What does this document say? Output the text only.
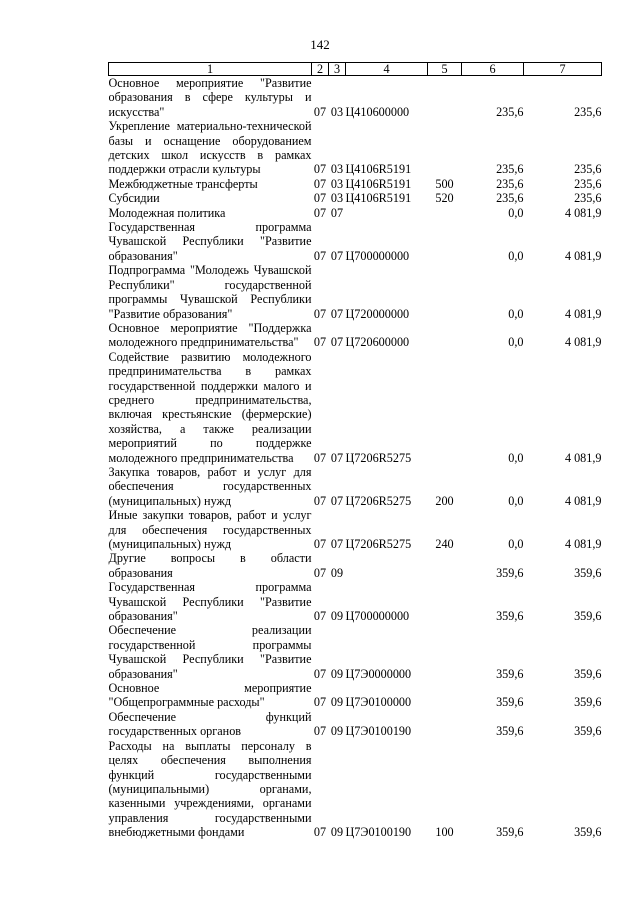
142
1	2	3	4	5	6	7
Основное мероприятие "Развитие образования в сфере культуры и искусства"	07	03	Ц410600000		235,6	235,6
Укрепление материально-технической базы и оснащение оборудованием детских школ искусств в рамках поддержки отрасли культуры	07	03	Ц4106R5191		235,6	235,6
Межбюджетные трансферты	07	03	Ц4106R5191	500	235,6	235,6
Субсидии	07	03	Ц4106R5191	520	235,6	235,6
Молодежная политика	07	07			0,0	4 081,9
Государственная программа Чувашской Республики "Развитие образования"	07	07	Ц700000000		0,0	4 081,9
Подпрограмма "Молодежь Чувашской Республики" государственной программы Чувашской Республики "Развитие образования"	07	07	Ц720000000		0,0	4 081,9
Основное мероприятие "Поддержка молодежного предпринимательства"	07	07	Ц720600000		0,0	4 081,9
Содействие развитию молодежного предпринимательства в рамках государственной поддержки малого и среднего предпринимательства, включая крестьянские (фермерские) хозяйства, а также реализации мероприятий по поддержке молодежного предпринимательства	07	07	Ц7206R5275		0,0	4 081,9
Закупка товаров, работ и услуг для обеспечения государственных (муниципальных) нужд	07	07	Ц7206R5275	200	0,0	4 081,9
Иные закупки товаров, работ и услуг для обеспечения государственных (муниципальных) нужд	07	07	Ц7206R5275	240	0,0	4 081,9
Другие вопросы в области образования	07	09			359,6	359,6
Государственная программа Чувашской Республики "Развитие образования"	07	09	Ц700000000		359,6	359,6
Обеспечение реализации государственной программы Чувашской Республики "Развитие образования"	07	09	Ц7Э0000000		359,6	359,6
Основное мероприятие "Общепрограммные расходы"	07	09	Ц7Э0100000		359,6	359,6
Обеспечение функций государственных органов	07	09	Ц7Э0100190		359,6	359,6
Расходы на выплаты персоналу в целях обеспечения выполнения функций государственными (муниципальными) органами, казенными учреждениями, органами управления государственными внебюджетными фондами	07	09	Ц7Э0100190	100	359,6	359,6
